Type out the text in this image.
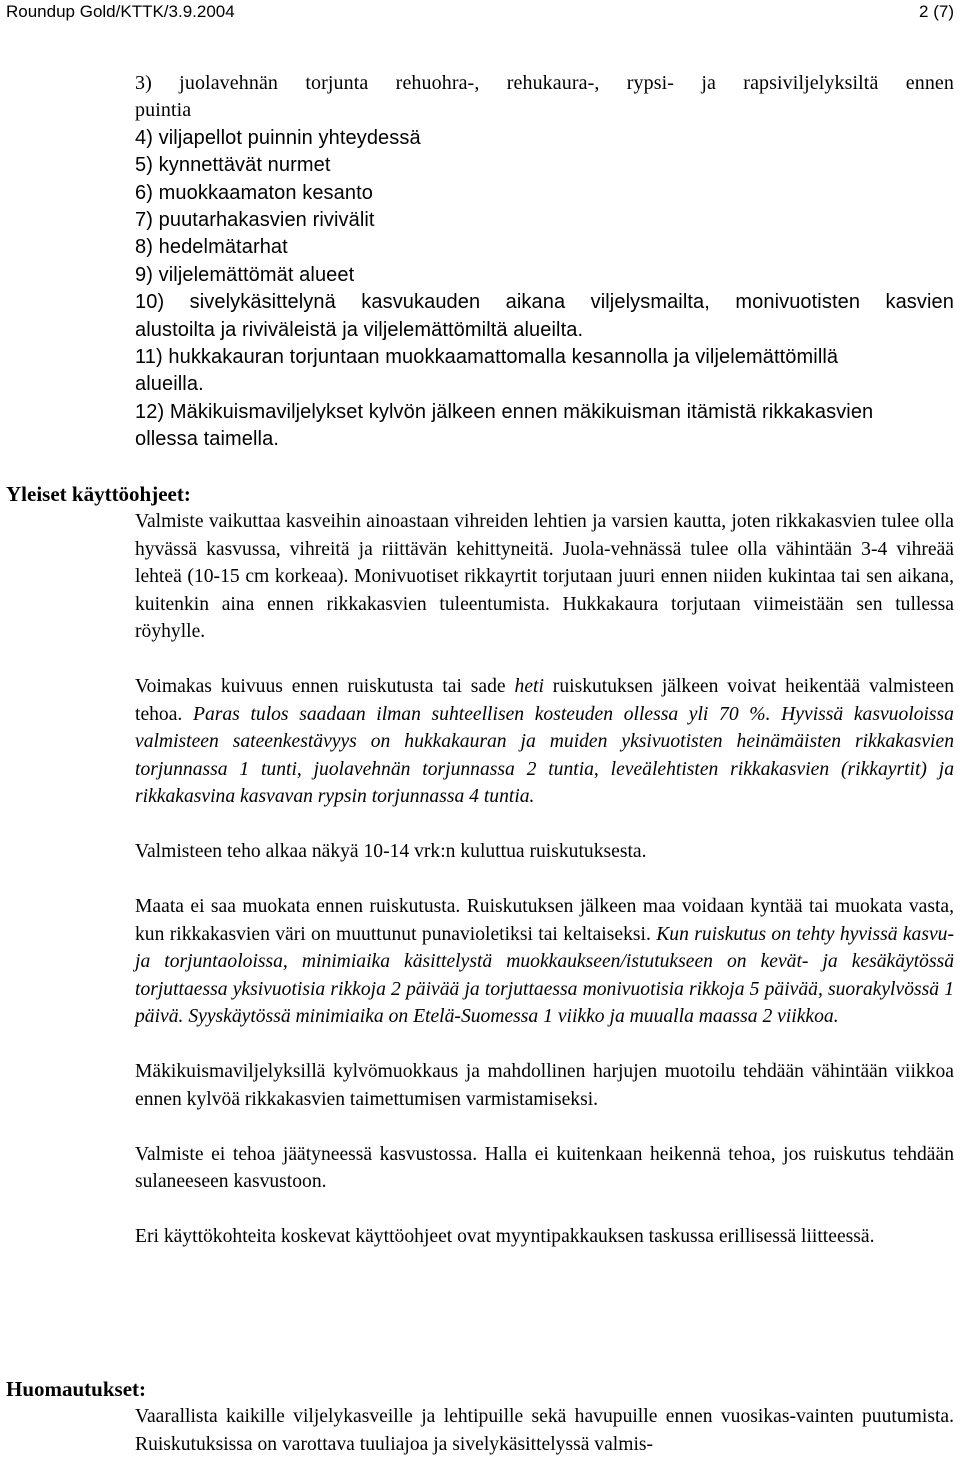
Roundup Gold/KTTK/3.9.2004	2 (7)
3) juolavehnän torjunta rehuohra-, rehukaura-, rypsi- ja rapsiviljelyksiltä ennen
puintia
4) viljapellot puinnin yhteydessä
5) kynnettävät nurmet
6) muokkaamaton kesanto
7) puutarhakasvien rivivälit
8) hedelmätarhat
9) viljelemättömät alueet
10) sivelykäsittelynä kasvukauden aikana viljelysmailta, monivuotisten kasvien
alustoilta ja riviväleistä ja viljelemättömiltä alueilta.
11) hukkakauran torjuntaan muokkaamattomalla kesannolla ja viljelemättömillä
alueilla.
12) Mäkikuismaviljelykset kylvön jälkeen ennen mäkikuisman itämistä rikkakasvien
ollessa taimella.
Yleiset käyttöohjeet:

Valmiste vaikuttaa kasveihin ainoastaan vihreiden lehtien ja varsien kautta, joten rikkakasvien tulee olla hyvässä kasvussa, vihreitä ja riittävän kehittyneitä. Juola-vehnässä tulee olla vähintään 3-4 vihreää lehteä (10-15 cm korkeaa). Monivuotiset rikkayrtit torjutaan juuri ennen niiden kukintaa tai sen aikana, kuitenkin aina ennen rikkakasvien tuleentumista. Hukkakaura torjutaan viimeistään sen tullessa röyhylle.

Voimakas kuivuus ennen ruiskutusta tai sade heti ruiskutuksen jälkeen voivat heikentää valmisteen tehoa. Paras tulos saadaan ilman suhteellisen kosteuden ollessa yli 70 %. Hyvissä kasvuoloissa valmisteen sateenkestävyys on hukkakauran ja muiden yksivuotisten heinämäisten rikkakasvien torjunnassa 1 tunti, juolavehnän torjunnassa 2 tuntia, leveälehtisten rikkakasvien (rikkayrtit) ja rikkakasvina kasvavan rypsin torjunnassa 4 tuntia.

Valmisteen teho alkaa näkyä 10-14 vrk:n kuluttua ruiskutuksesta.

Maata ei saa muokata ennen ruiskutusta. Ruiskutuksen jälkeen maa voidaan kyntää tai muokata vasta, kun rikkakasvien väri on muuttunut punavioletiksi tai keltaiseksi. Kun ruiskutus on tehty hyvissä kasvu- ja torjuntaoloissa, minimiaika käsittelystä muokkaukseen/istutukseen on kevät- ja kesäkäytössä torjuttaessa yksivuotisia rikkoja 2 päivää ja torjuttaessa monivuotisia rikkoja 5 päivää, suorakylvössä 1 päivä. Syyskäytössä minimiaika on Etelä-Suomessa 1 viikko ja muualla maassa 2 viikkoa.

Mäkikuismaviljelyksillä kylvömuokkaus ja mahdollinen harjujen muotoilu tehdään vähintään viikkoa ennen kylvöä rikkakasvien taimettumisen varmistamiseksi.

Valmiste ei tehoa jäätyneessä kasvustossa. Halla ei kuitenkaan heikennä tehoa, jos ruiskutus tehdään sulaneeseen kasvustoon.

Eri käyttökohteita koskevat käyttöohjeet ovat myyntipakkauksen taskussa erillisessä liitteessä.

Huomautukset:

Vaarallista kaikille viljelykasveille ja lehtipuille sekä havupuille ennen vuosikas-vainten puutumista. Ruiskutuksissa on varottava tuuliajoa ja sivelykäsittelyssä valmis-
